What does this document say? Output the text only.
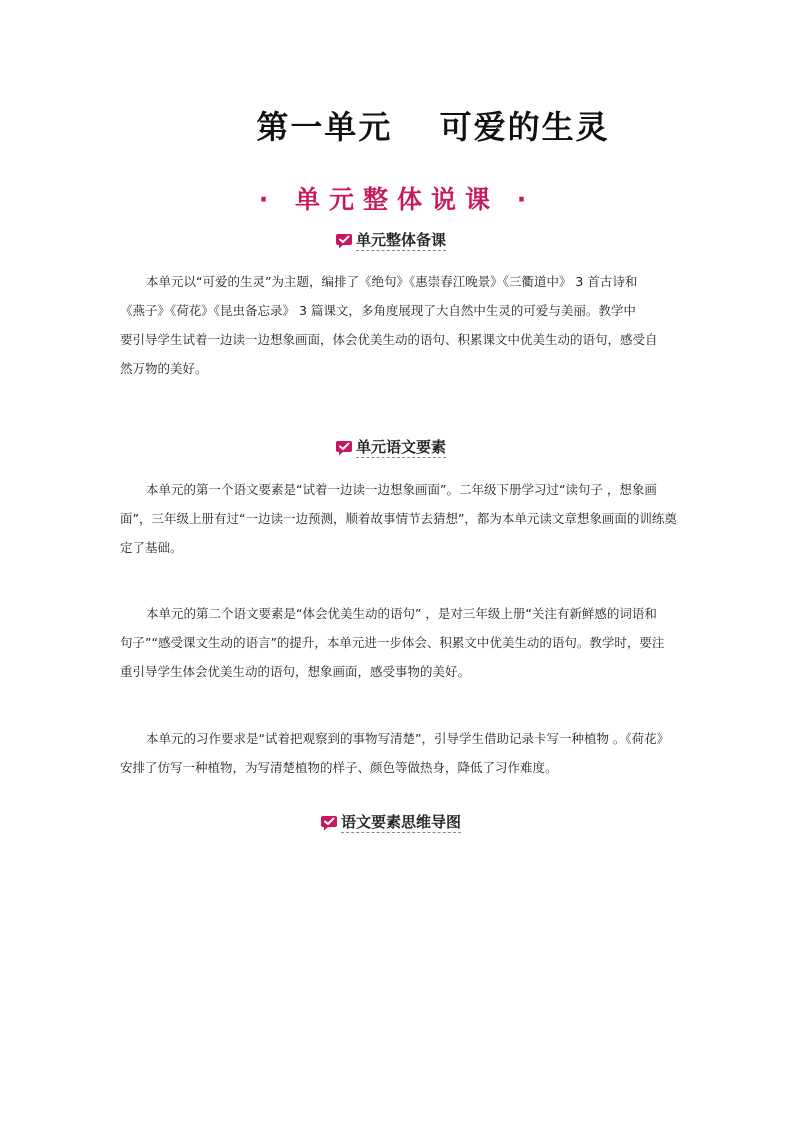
第一单元　 可爱的生灵
· 单元整体说课 ·
单元整体备课
本单元以“可爱的生灵”为主题，编排了《绝句》《惠崇春江晚景》《三衢道中》 3 首古诗和
《燕子》《荷花》《昆虫备忘录》 3 篇课文，多角度展现了大自然中生灵的可爱与美丽。教学中
要引导学生试着一边读一边想象画面，体会优美生动的语句、积累课文中优美生动的语句，感受自
然万物的美好。
单元语文要素
本单元的第一个语文要素是“试着一边读一边想象画面”。二年级下册学习过“读句子 ，想象画
面”，三年级上册有过“一边读一边预测，顺着故事情节去猜想”，都为本单元读文章想象画面的训练奠
定了基础。
本单元的第二个语文要素是“体会优美生动的语句” ，是对三年级上册“关注有新鲜感的词语和
句子”“感受课文生动的语言”的提升，本单元进一步体会、积累文中优美生动的语句。教学时，要注
重引导学生体会优美生动的语句，想象画面，感受事物的美好。
本单元的习作要求是“试着把观察到的事物写清楚”，引导学生借助记录卡写一种植物 。《荷花》
安排了仿写一种植物，为写清楚植物的样子、颜色等做热身，降低了习作难度。
语文要素思维导图
